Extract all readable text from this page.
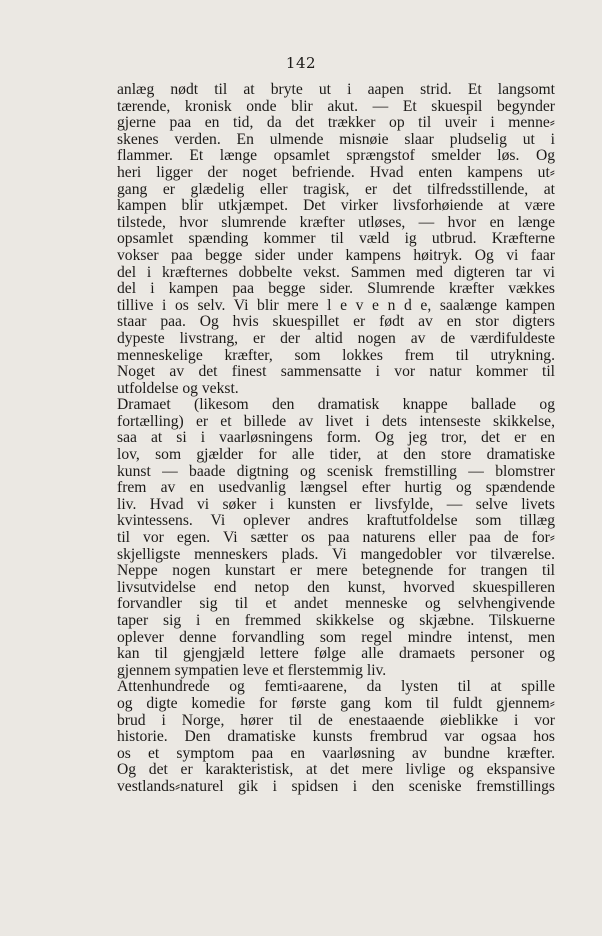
142
anlæg nødt til at bryte ut i aapen strid. Et langsomt
tærende, kronisk onde blir akut. — Et skuespil begynder
gjerne paa en tid, da det trækker op til uveir i menne⸗
skenes verden. En ulmende misnøie slaar pludselig ut i
flammer. Et længe opsamlet sprængstof smelder løs. Og
heri ligger der noget befriende. Hvad enten kampens ut⸗
gang er glædelig eller tragisk, er det tilfredsstillende, at
kampen blir utkjæmpet. Det virker livsforhøiende at være
tilstede, hvor slumrende kræfter utløses, — hvor en længe
opsamlet spænding kommer til væld ig utbrud. Kræfterne
vokser paa begge sider under kampens høitryk. Og vi faar
del i kræfternes dobbelte vekst. Sammen med digteren tar vi
del i kampen paa begge sider. Slumrende kræfter vækkes
tillive i os selv. Vi blir mere l e v e n d e, saalænge kampen
staar paa. Og hvis skuespillet er født av en stor digters
dypeste livstrang, er der altid nogen av de værdifuldeste
menneskelige kræfter, som lokkes frem til utrykning.
Noget av det finest sammensatte i vor natur kommer til
utfoldelse og vekst.
Dramaet (likesom den dramatisk knappe ballade og
fortælling) er et billede av livet i dets intenseste skikkelse,
saa at si i vaarløsningens form. Og jeg tror, det er en
lov, som gjælder for alle tider, at den store dramatiske
kunst — baade digtning og scenisk fremstilling — blomstrer
frem av en usedvanlig længsel efter hurtig og spændende
liv. Hvad vi søker i kunsten er livsfylde, — selve livets
kvintessens. Vi oplever andres kraftutfoldelse som tillæg
til vor egen. Vi sætter os paa naturens eller paa de for⸗
skjelligste menneskers plads. Vi mangedobler vor tilværelse.
Neppe nogen kunstart er mere betegnende for trangen til
livsutvidelse end netop den kunst, hvorved skuespilleren
forvandler sig til et andet menneske og selvhengivende
taper sig i en fremmed skikkelse og skjæbne. Tilskuerne
oplever denne forvandling som regel mindre intenst, men
kan til gjengjæld lettere følge alle dramaets personer og
gjennem sympatien leve et flerstemmig liv.
Attenhundrede og femti⸗aarene, da lysten til at spille
og digte komedie for første gang kom til fuldt gjennem⸗
brud i Norge, hører til de enestaaende øieblikke i vor
historie. Den dramatiske kunsts frembrud var ogsaa hos
os et symptom paa en vaarløsning av bundne kræfter.
Og det er karakteristisk, at det mere livlige og ekspansive
vestlands⸗naturel gik i spidsen i den sceniske fremstillings
